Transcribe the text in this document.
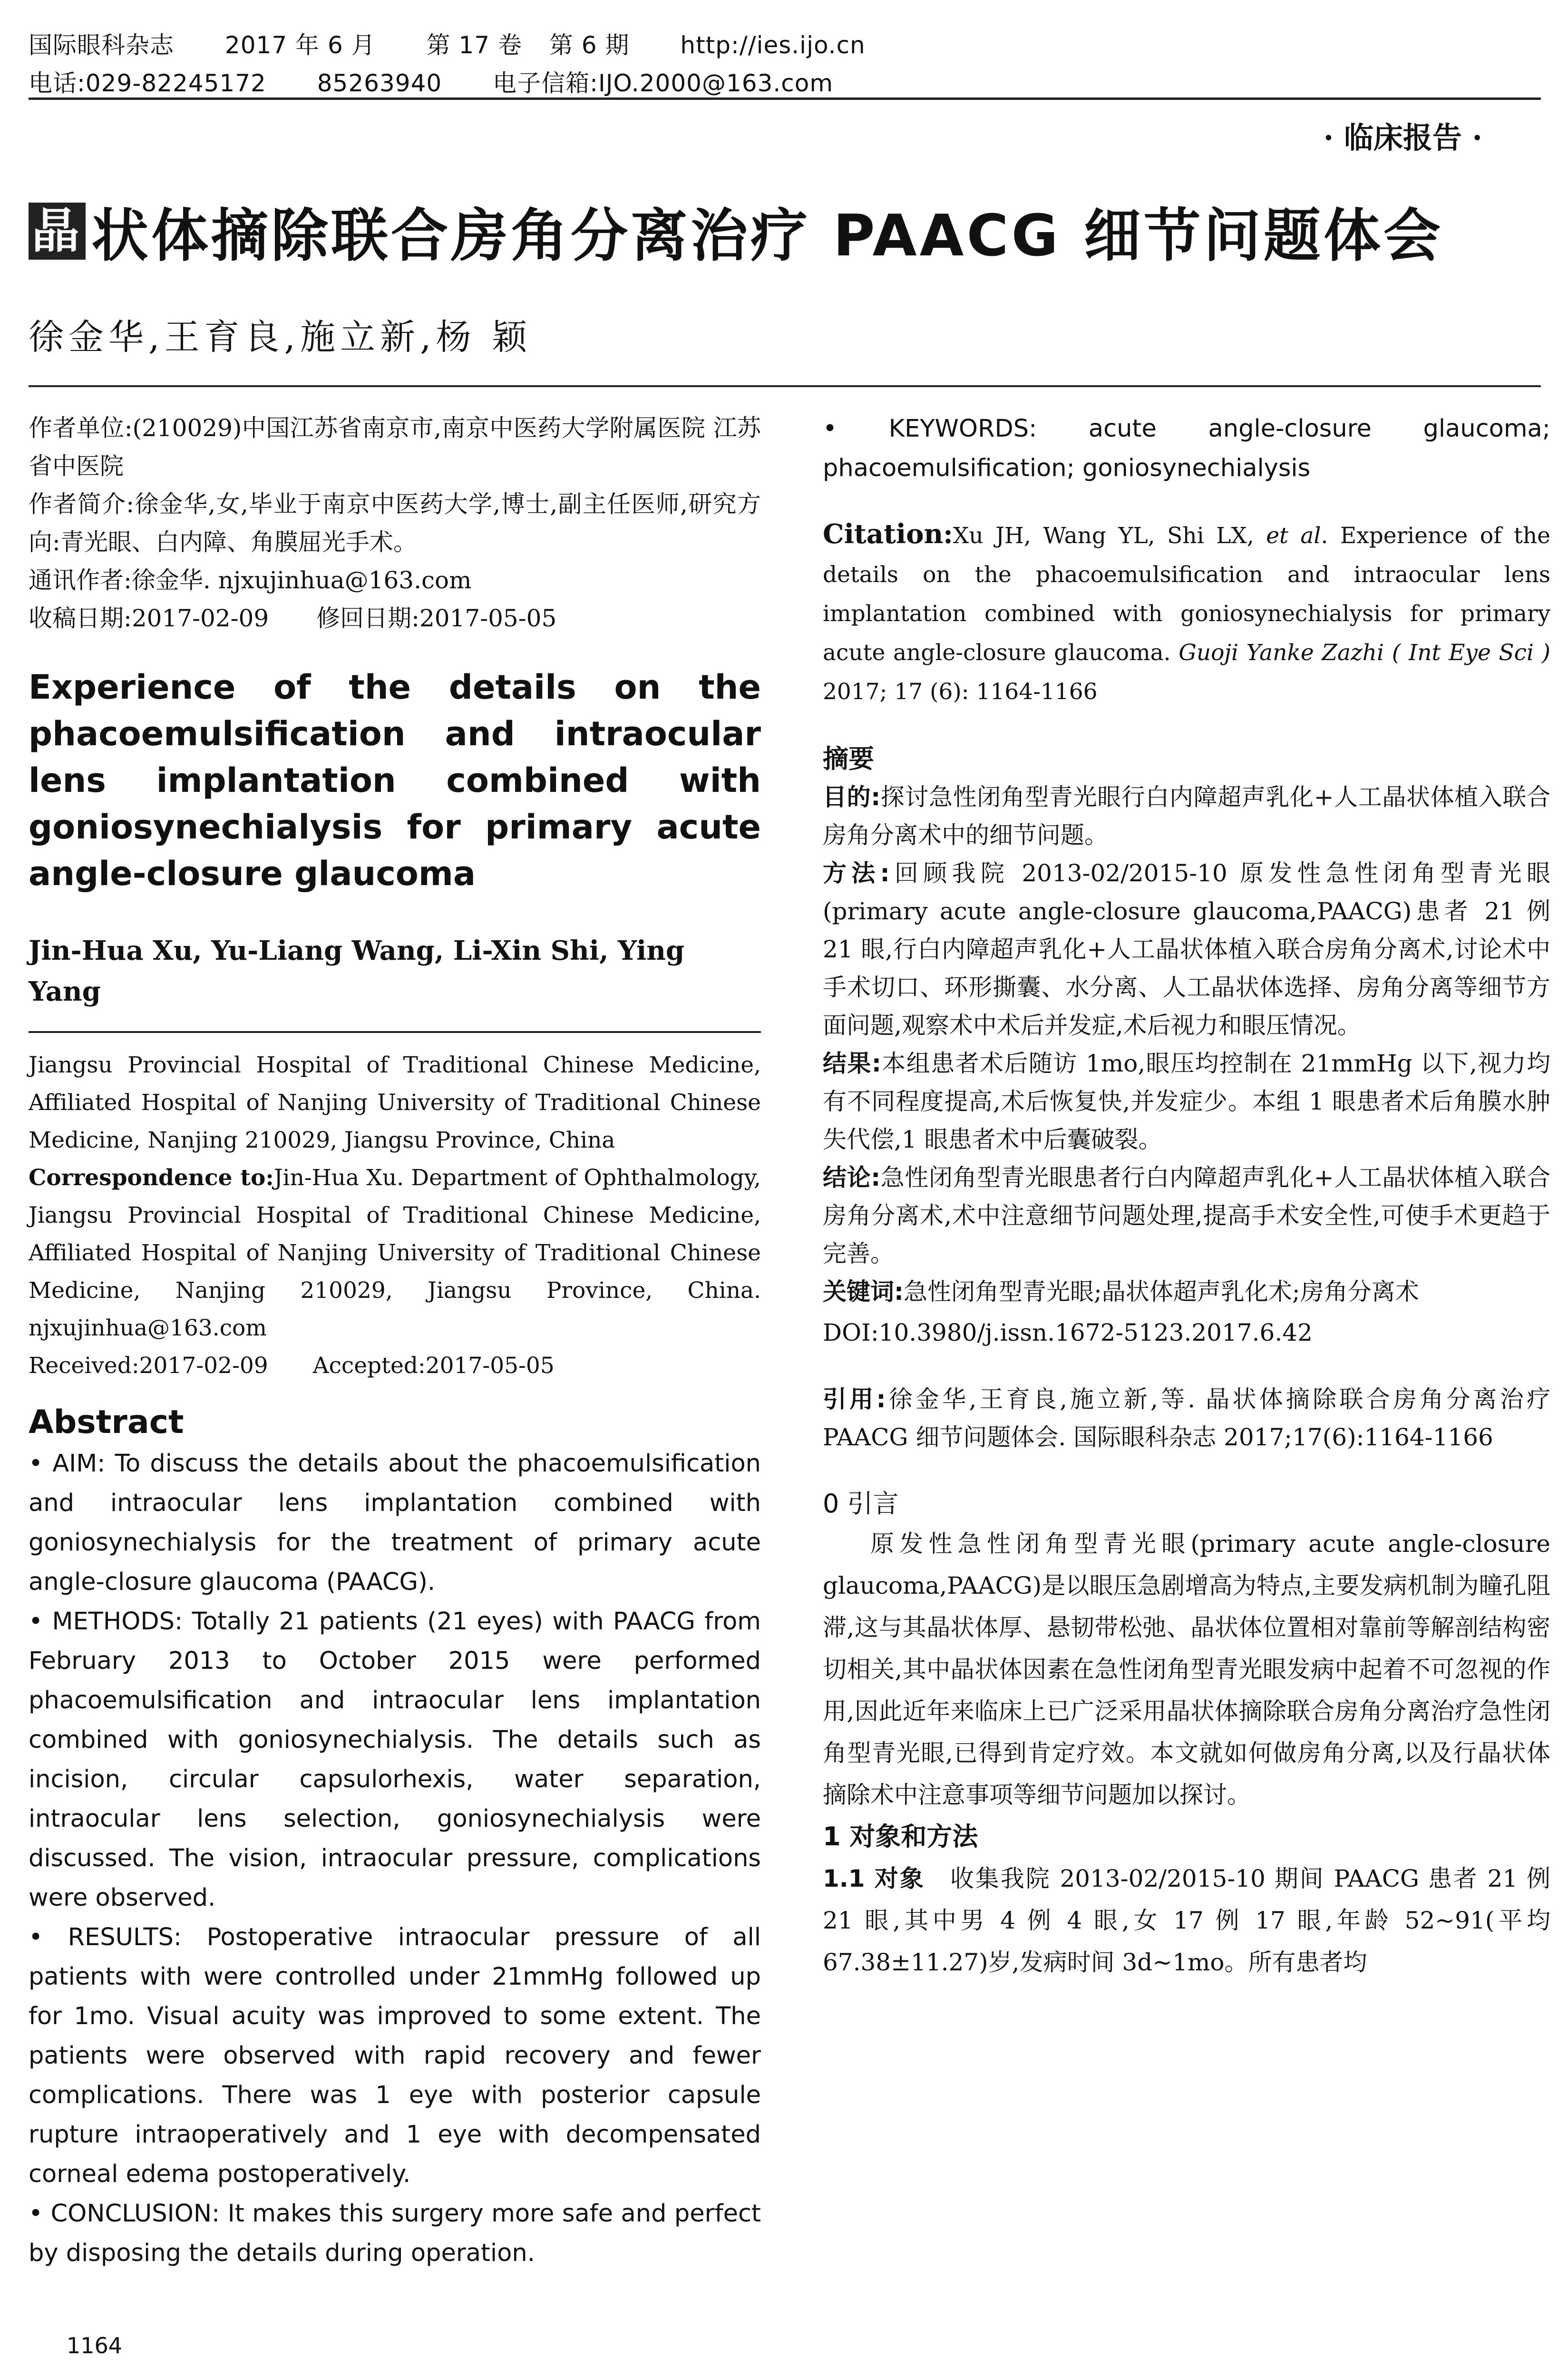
国际眼科杂志 2017 年 6 月 第 17 卷 第 6 期 http://ies.ijo.cn
电话:029-82245172 85263940 电子信箱:IJO.2000@163.com
· 临床报告 ·
晶 状体摘除联合房角分离治疗 PAACG 细节问题体会
徐金华,王育良,施立新,杨 颖

作者单位:(210029)中国江苏省南京市,南京中医药大学附属医院 江苏省中医院

作者简介:徐金华,女,毕业于南京中医药大学,博士,副主任医师,研究方向:青光眼、白内障、角膜屈光手术。

通讯作者:徐金华. njxujinhua@163.com

收稿日期:2017-02-09　　修回日期:2017-05-05

Experience of the details on the phacoemulsification and intraocular lens implantation combined with goniosynechialysis for primary acute angle-closure glaucoma
Jin-Hua Xu, Yu-Liang Wang, Li-Xin Shi, Ying Yang
Jiangsu Provincial Hospital of Traditional Chinese Medicine, Affiliated Hospital of Nanjing University of Traditional Chinese Medicine, Nanjing 210029, Jiangsu Province, China
Correspondence to:Jin-Hua Xu. Department of Ophthalmology, Jiangsu Provincial Hospital of Traditional Chinese Medicine, Affiliated Hospital of Nanjing University of Traditional Chinese Medicine, Nanjing 210029, Jiangsu Province, China. njxujinhua@163.com
Received:2017-02-09　　Accepted:2017-05-05
Abstract

• AIM: To discuss the details about the phacoemulsification and intraocular lens implantation combined with goniosynechialysis for the treatment of primary acute angle-closure glaucoma (PAACG).

• METHODS: Totally 21 patients (21 eyes) with PAACG from February 2013 to October 2015 were performed phacoemulsification and intraocular lens implantation combined with goniosynechialysis. The details such as incision, circular capsulorhexis, water separation, intraocular lens selection, goniosynechialysis were discussed. The vision, intraocular pressure, complications were observed.

• RESULTS: Postoperative intraocular pressure of all patients with were controlled under 21mmHg followed up for 1mo. Visual acuity was improved to some extent. The patients were observed with rapid recovery and fewer complications. There was 1 eye with posterior capsule rupture intraoperatively and 1 eye with decompensated corneal edema postoperatively.

• CONCLUSION: It makes this surgery more safe and perfect by disposing the details during operation.

• KEYWORDS: acute angle-closure glaucoma; phacoemulsification; goniosynechialysis

Citation:Xu JH, Wang YL, Shi LX, et al. Experience of the details on the phacoemulsification and intraocular lens implantation combined with goniosynechialysis for primary acute angle-closure glaucoma. Guoji Yanke Zazhi ( Int Eye Sci ) 2017; 17 (6): 1164-1166
摘要

目的:探讨急性闭角型青光眼行白内障超声乳化+人工晶状体植入联合房角分离术中的细节问题。

方法:回顾我院 2013-02/2015-10 原发性急性闭角型青光眼(primary acute angle-closure glaucoma,PAACG)患者 21 例 21 眼,行白内障超声乳化+人工晶状体植入联合房角分离术,讨论术中手术切口、环形撕囊、水分离、人工晶状体选择、房角分离等细节方面问题,观察术中术后并发症,术后视力和眼压情况。

结果:本组患者术后随访 1mo,眼压均控制在 21mmHg 以下,视力均有不同程度提高,术后恢复快,并发症少。本组 1 眼患者术后角膜水肿失代偿,1 眼患者术中后囊破裂。

结论:急性闭角型青光眼患者行白内障超声乳化+人工晶状体植入联合房角分离术,术中注意细节问题处理,提高手术安全性,可使手术更趋于完善。

关键词:急性闭角型青光眼;晶状体超声乳化术;房角分离术

DOI:10.3980/j.issn.1672-5123.2017.6.42
引用:徐金华,王育良,施立新,等. 晶状体摘除联合房角分离治疗 PAACG 细节问题体会. 国际眼科杂志 2017;17(6):1164-1166
0 引言

原发性急性闭角型青光眼(primary acute angle-closure glaucoma,PAACG)是以眼压急剧增高为特点,主要发病机制为瞳孔阻滞,这与其晶状体厚、悬韧带松弛、晶状体位置相对靠前等解剖结构密切相关,其中晶状体因素在急性闭角型青光眼发病中起着不可忽视的作用,因此近年来临床上已广泛采用晶状体摘除联合房角分离治疗急性闭角型青光眼,已得到肯定疗效。本文就如何做房角分离,以及行晶状体摘除术中注意事项等细节问题加以探讨。

1 对象和方法

1.1 对象　 收集我院 2013-02/2015-10 期间 PAACG 患者 21 例 21 眼,其中男 4 例 4 眼,女 17 例 17 眼,年龄 52~91(平均 67.38±11.27)岁,发病时间 3d~1mo。所有患者均

1164
